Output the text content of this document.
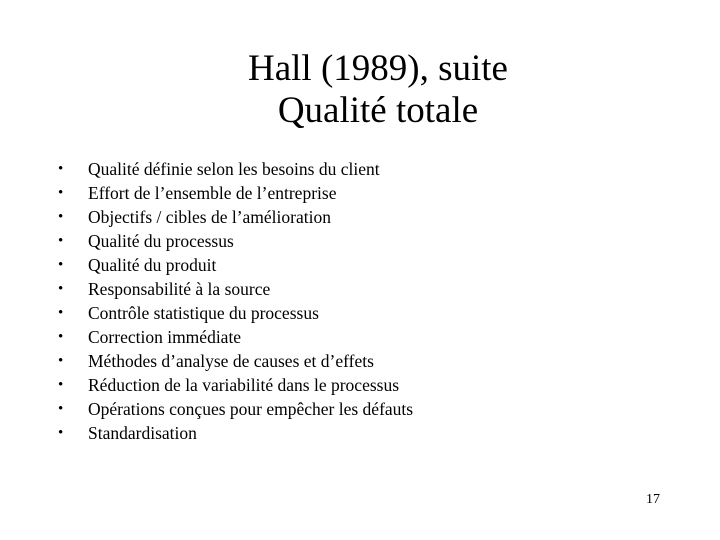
Hall (1989), suite
Qualité totale
•	Qualité définie selon les besoins du client
•	Effort de l’ensemble de l’entreprise
•	Objectifs / cibles de l’amélioration
•	Qualité du processus
•	Qualité du produit
•	Responsabilité à la source
•	Contrôle statistique du processus
•	Correction immédiate
•	Méthodes d’analyse de causes et d’effets
•	Réduction de la variabilité dans le processus
•	Opérations conçues pour empêcher les défauts
•	Standardisation
17
